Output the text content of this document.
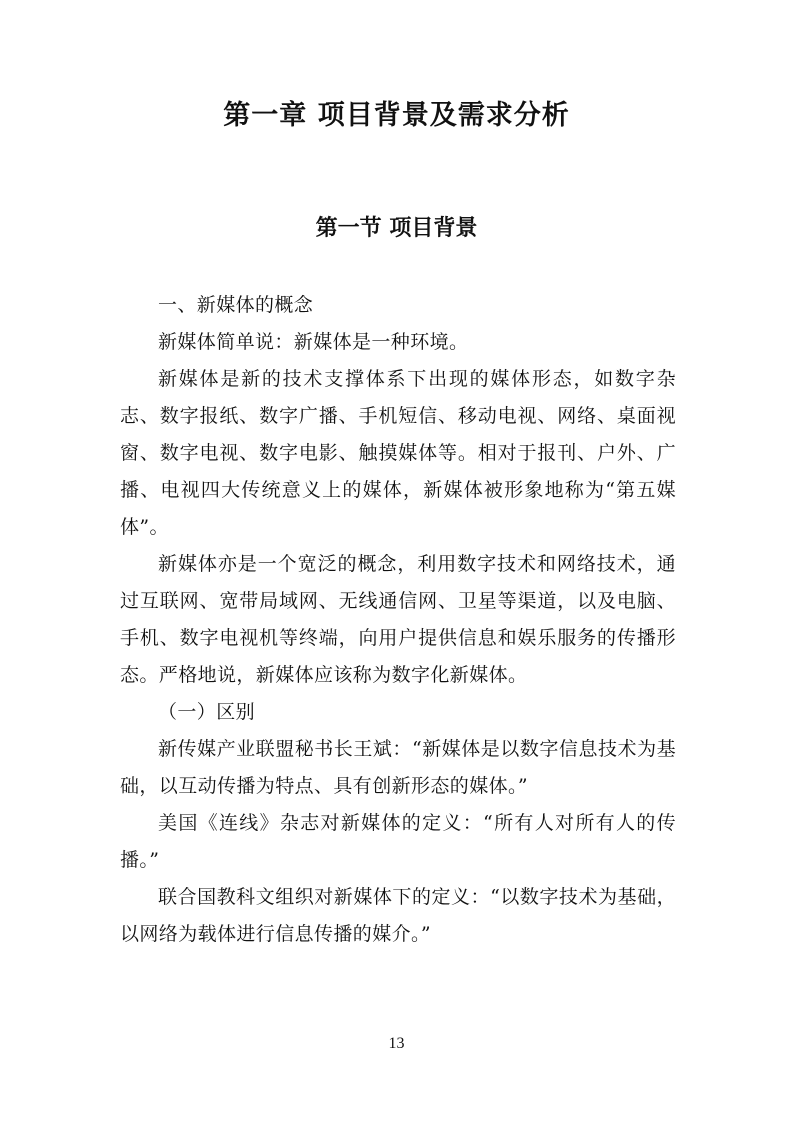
第一章 项目背景及需求分析
第一节 项目背景

一、新媒体的概念

新媒体简单说：新媒体是一种环境。

新媒体是新的技术支撑体系下出现的媒体形态，如数字杂志、数字报纸、数字广播、手机短信、移动电视、网络、桌面视窗、数字电视、数字电影、触摸媒体等。相对于报刊、户外、广播、电视四大传统意义上的媒体，新媒体被形象地称为“第五媒体”。

新媒体亦是一个宽泛的概念，利用数字技术和网络技术，通过互联网、宽带局域网、无线通信网、卫星等渠道，以及电脑、手机、数字电视机等终端，向用户提供信息和娱乐服务的传播形态。严格地说，新媒体应该称为数字化新媒体。

（一）区别

新传媒产业联盟秘书长王斌：“新媒体是以数字信息技术为基础，以互动传播为特点、具有创新形态的媒体。”

美国《连线》杂志对新媒体的定义：“所有人对所有人的传播。”

联合国教科文组织对新媒体下的定义：“以数字技术为基础，以网络为载体进行信息传播的媒介。”

13
